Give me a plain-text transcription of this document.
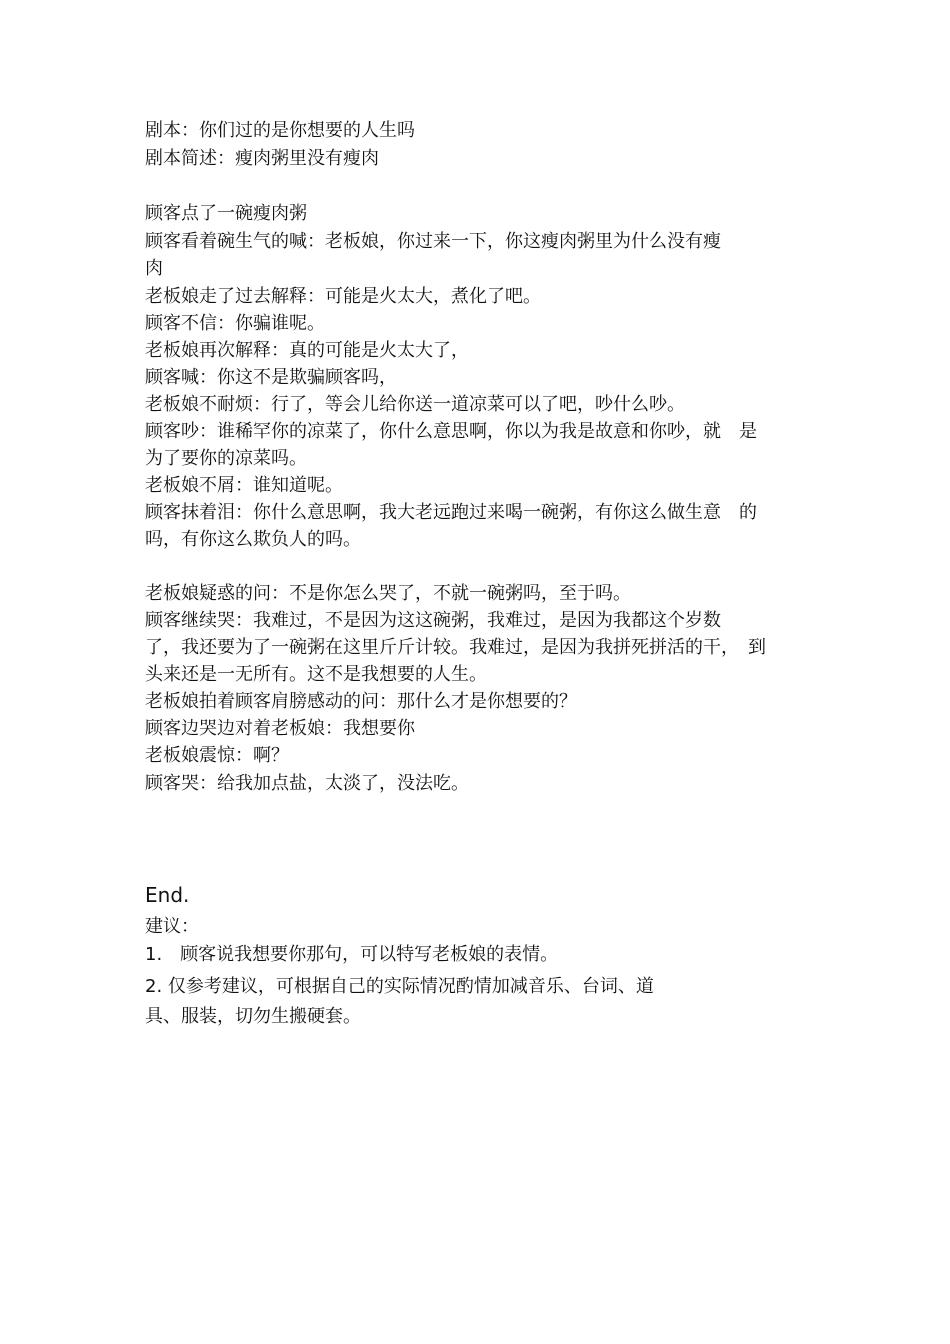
剧本：你们过的是你想要的人生吗

剧本简述：瘦肉粥里没有瘦肉

顾客点了一碗瘦肉粥

顾客看着碗生气的喊：老板娘，你过来一下，你这瘦肉粥里为什么没有瘦

肉

老板娘走了过去解释：可能是火太大，煮化了吧。

顾客不信：你骗谁呢。

老板娘再次解释：真的可能是火太大了，

顾客喊：你这不是欺骗顾客吗，

老板娘不耐烦：行了，等会儿给你送一道凉菜可以了吧，吵什么吵。

顾客吵：谁稀罕你的凉菜了，你什么意思啊，你以为我是故意和你吵，就　是

为了要你的凉菜吗。

老板娘不屑：谁知道呢。

顾客抹着泪：你什么意思啊，我大老远跑过来喝一碗粥，有你这么做生意　的

吗，有你这么欺负人的吗。

老板娘疑惑的问：不是你怎么哭了，不就一碗粥吗，至于吗。

顾客继续哭：我难过，不是因为这这碗粥，我难过，是因为我都这个岁数

了，我还要为了一碗粥在这里斤斤计较。我难过，是因为我拼死拼活的干，　到

头来还是一无所有。这不是我想要的人生。

老板娘拍着顾客肩膀感动的问：那什么才是你想要的？

顾客边哭边对着老板娘：我想要你

老板娘震惊：啊？

顾客哭：给我加点盐，太淡了，没法吃。

End.

建议：

1.　顾客说我想要你那句，可以特写老板娘的表情。

2. 仅参考建议，可根据自己的实际情况酌情加减音乐、台词、道

具、服装，切勿生搬硬套。
